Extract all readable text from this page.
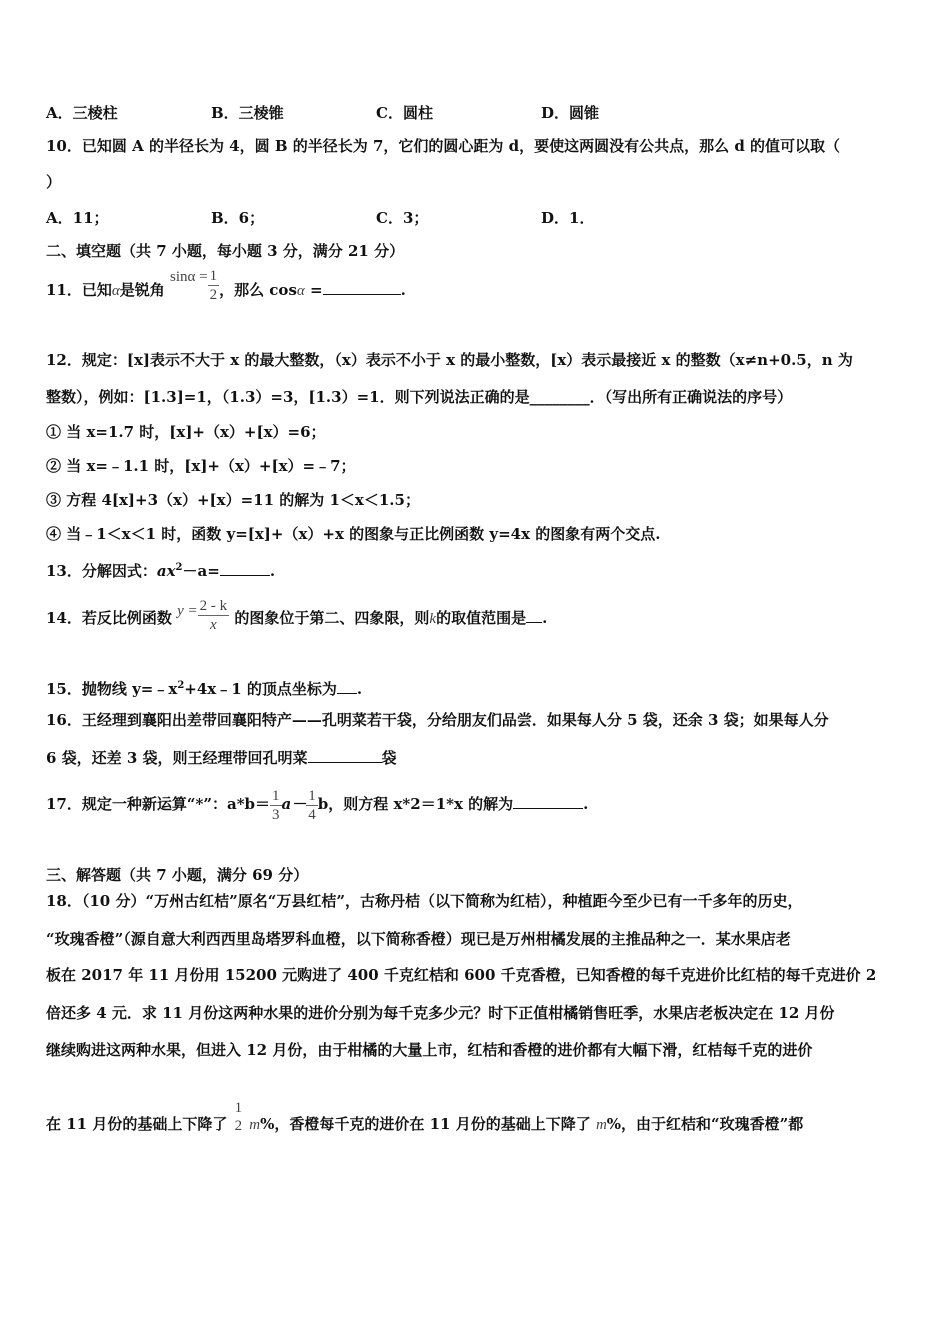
A．三棱柱	B．三棱锥	C．圆柱	D．圆锥
10．已知圆 A 的半径长为 4，圆 B 的半径长为 7，它们的圆心距为 d，要使这两圆没有公共点，那么 d 的值可以取（
）
A．11；	B．6；	C．3；	D．1．
二、填空题（共 7 小题，每小题 3 分，满分 21 分）
11．已知α是锐角 $\sin\alpha = \frac{1}{2}$ ，那么 cosα =	.
12．规定：[x]表示不大于 x 的最大整数，（x）表示不小于 x 的最小整数，[x）表示最接近 x 的整数（x≠n+0.5，n 为
整数），例如：[1.3]=1，（1.3）=3，[1.3）=1．则下列说法正确的是________．（写出所有正确说法的序号）
① 当 x=1.7 时，[x]+（x）+[x）=6；
② 当 x=﹣1.1 时，[x]+（x）+[x）=﹣7；
③ 方程 4[x]+3（x）+[x）=11 的解为 1＜x＜1.5；
④ 当﹣1＜x＜1 时，函数 y=[x]+（x）+x 的图象与正比例函数 y=4x 的图象有两个交点.
13．分解因式：$ax^2-a=$	.
14．若反比例函数 $y = \frac{2 - k}{x}$ 的图象位于第二、四象限，则k的取值范围是 .
15．抛物线 $y=﹣x^2+4x﹣1$ 的顶点坐标为 .
16．王经理到襄阳出差带回襄阳特产——孔明菜若干袋，分给朋友们品尝．如果每人分 5 袋，还余 3 袋；如果每人分
6 袋，还差 3 袋，则王经理带回孔明菜	袋
17．规定一种新运算“*”：$a*b= \frac{1}{3} a- \frac{1}{4}$ b，则方程 x*2＝1*x 的解为	.
三、解答题（共 7 小题，满分 69 分）
18．（10 分）“万州古红桔”原名“万县红桔”，古称丹桔（以下简称为红桔），种植距今至少已有一千多年的历史，
“玫瑰香橙”（源自意大利西西里岛塔罗科血橙，以下简称香橙）现已是万州柑橘发展的主推品种之一．某水果店老
板在 2017 年 11 月份用 15200 元购进了 400 千克红桔和 600 千克香橙，已知香橙的每千克进价比红桔的每千克进价 2
倍还多 4 元．求 11 月份这两种水果的进价分别为每千克多少元？时下正值柑橘销售旺季，水果店老板决定在 12 月份
继续购进这两种水果，但进入 12 月份，由于柑橘的大量上市，红桔和香橙的进价都有大幅下滑，红桔每千克的进价
在 11 月份的基础上下降了
1
2 m%，香橙每千克的进价在 11 月份的基础上下降了 m%，由于红桔和“玫瑰香橙”都
